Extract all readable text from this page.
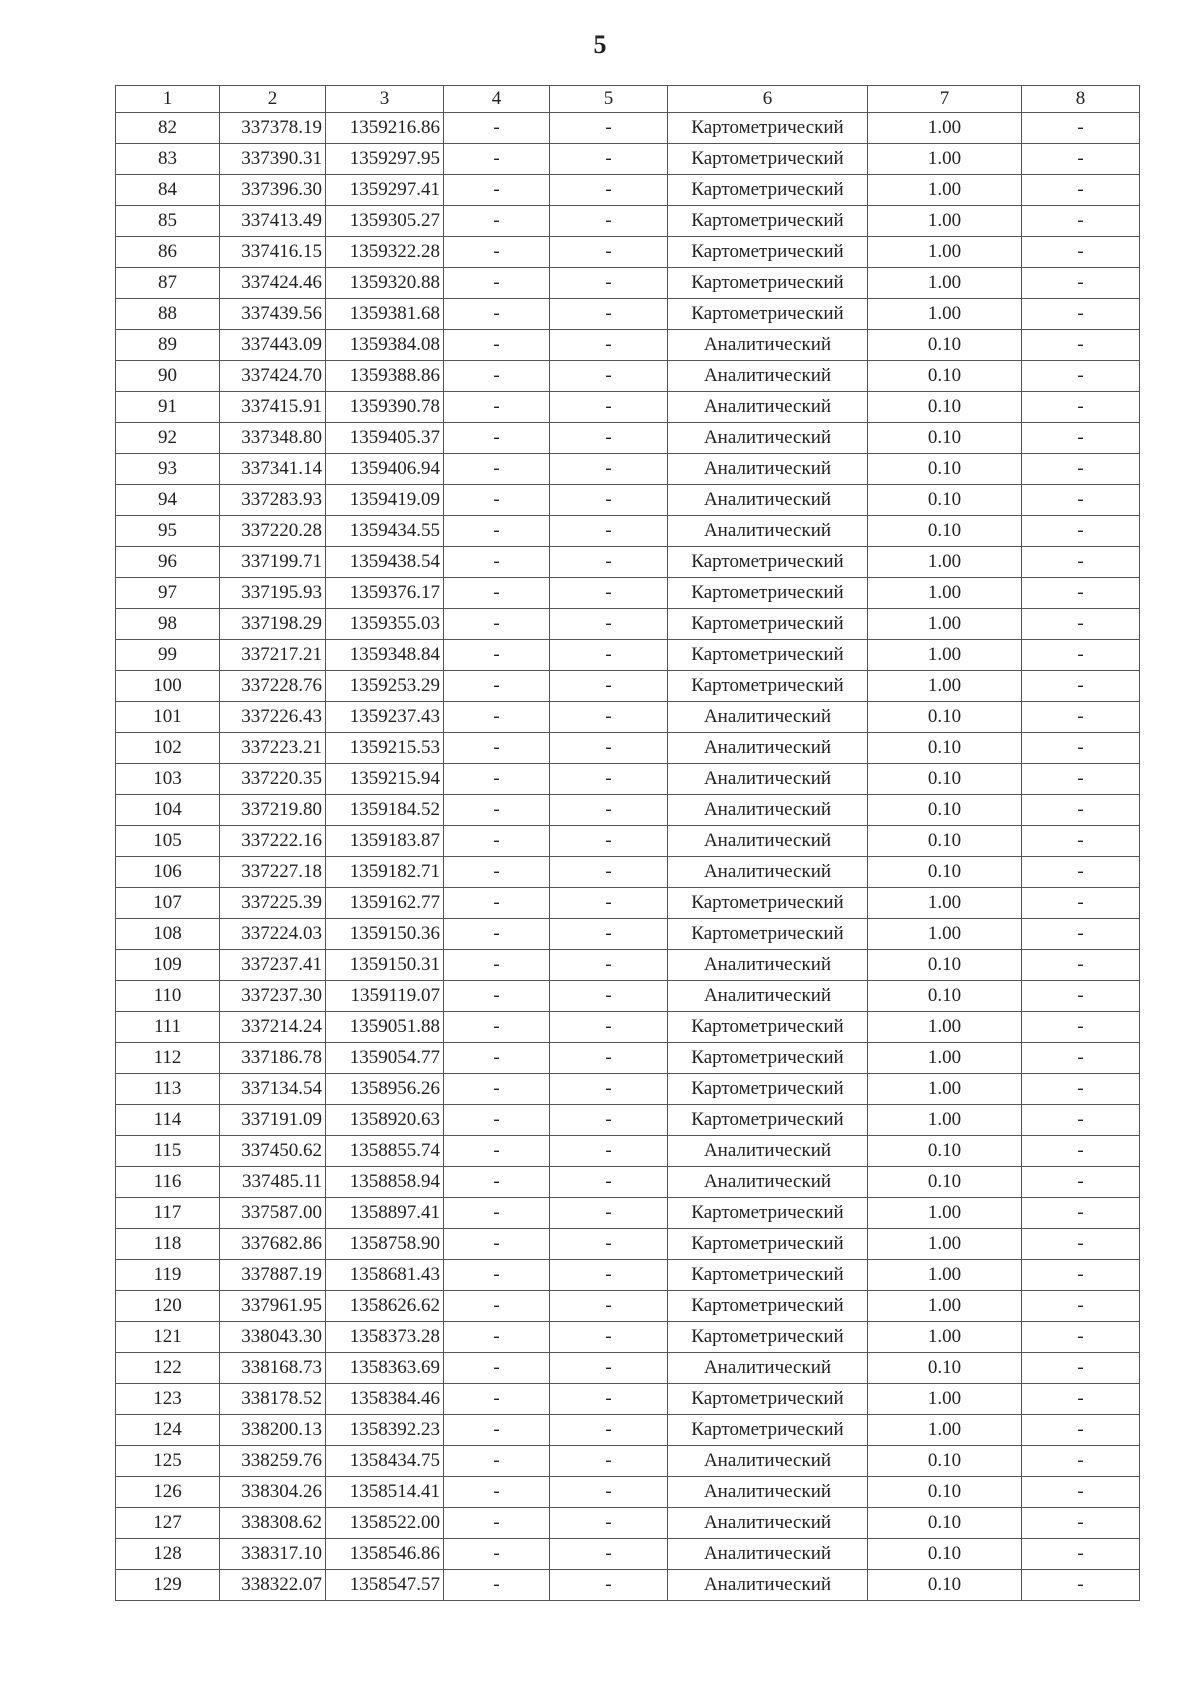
5
1	2	3	4	5	6	7	8
82	337378.19	1359216.86	-	-	Картометрический	1.00	-
83	337390.31	1359297.95	-	-	Картометрический	1.00	-
84	337396.30	1359297.41	-	-	Картометрический	1.00	-
85	337413.49	1359305.27	-	-	Картометрический	1.00	-
86	337416.15	1359322.28	-	-	Картометрический	1.00	-
87	337424.46	1359320.88	-	-	Картометрический	1.00	-
88	337439.56	1359381.68	-	-	Картометрический	1.00	-
89	337443.09	1359384.08	-	-	Аналитический	0.10	-
90	337424.70	1359388.86	-	-	Аналитический	0.10	-
91	337415.91	1359390.78	-	-	Аналитический	0.10	-
92	337348.80	1359405.37	-	-	Аналитический	0.10	-
93	337341.14	1359406.94	-	-	Аналитический	0.10	-
94	337283.93	1359419.09	-	-	Аналитический	0.10	-
95	337220.28	1359434.55	-	-	Аналитический	0.10	-
96	337199.71	1359438.54	-	-	Картометрический	1.00	-
97	337195.93	1359376.17	-	-	Картометрический	1.00	-
98	337198.29	1359355.03	-	-	Картометрический	1.00	-
99	337217.21	1359348.84	-	-	Картометрический	1.00	-
100	337228.76	1359253.29	-	-	Картометрический	1.00	-
101	337226.43	1359237.43	-	-	Аналитический	0.10	-
102	337223.21	1359215.53	-	-	Аналитический	0.10	-
103	337220.35	1359215.94	-	-	Аналитический	0.10	-
104	337219.80	1359184.52	-	-	Аналитический	0.10	-
105	337222.16	1359183.87	-	-	Аналитический	0.10	-
106	337227.18	1359182.71	-	-	Аналитический	0.10	-
107	337225.39	1359162.77	-	-	Картометрический	1.00	-
108	337224.03	1359150.36	-	-	Картометрический	1.00	-
109	337237.41	1359150.31	-	-	Аналитический	0.10	-
110	337237.30	1359119.07	-	-	Аналитический	0.10	-
111	337214.24	1359051.88	-	-	Картометрический	1.00	-
112	337186.78	1359054.77	-	-	Картометрический	1.00	-
113	337134.54	1358956.26	-	-	Картометрический	1.00	-
114	337191.09	1358920.63	-	-	Картометрический	1.00	-
115	337450.62	1358855.74	-	-	Аналитический	0.10	-
116	337485.11	1358858.94	-	-	Аналитический	0.10	-
117	337587.00	1358897.41	-	-	Картометрический	1.00	-
118	337682.86	1358758.90	-	-	Картометрический	1.00	-
119	337887.19	1358681.43	-	-	Картометрический	1.00	-
120	337961.95	1358626.62	-	-	Картометрический	1.00	-
121	338043.30	1358373.28	-	-	Картометрический	1.00	-
122	338168.73	1358363.69	-	-	Аналитический	0.10	-
123	338178.52	1358384.46	-	-	Картометрический	1.00	-
124	338200.13	1358392.23	-	-	Картометрический	1.00	-
125	338259.76	1358434.75	-	-	Аналитический	0.10	-
126	338304.26	1358514.41	-	-	Аналитический	0.10	-
127	338308.62	1358522.00	-	-	Аналитический	0.10	-
128	338317.10	1358546.86	-	-	Аналитический	0.10	-
129	338322.07	1358547.57	-	-	Аналитический	0.10	-
